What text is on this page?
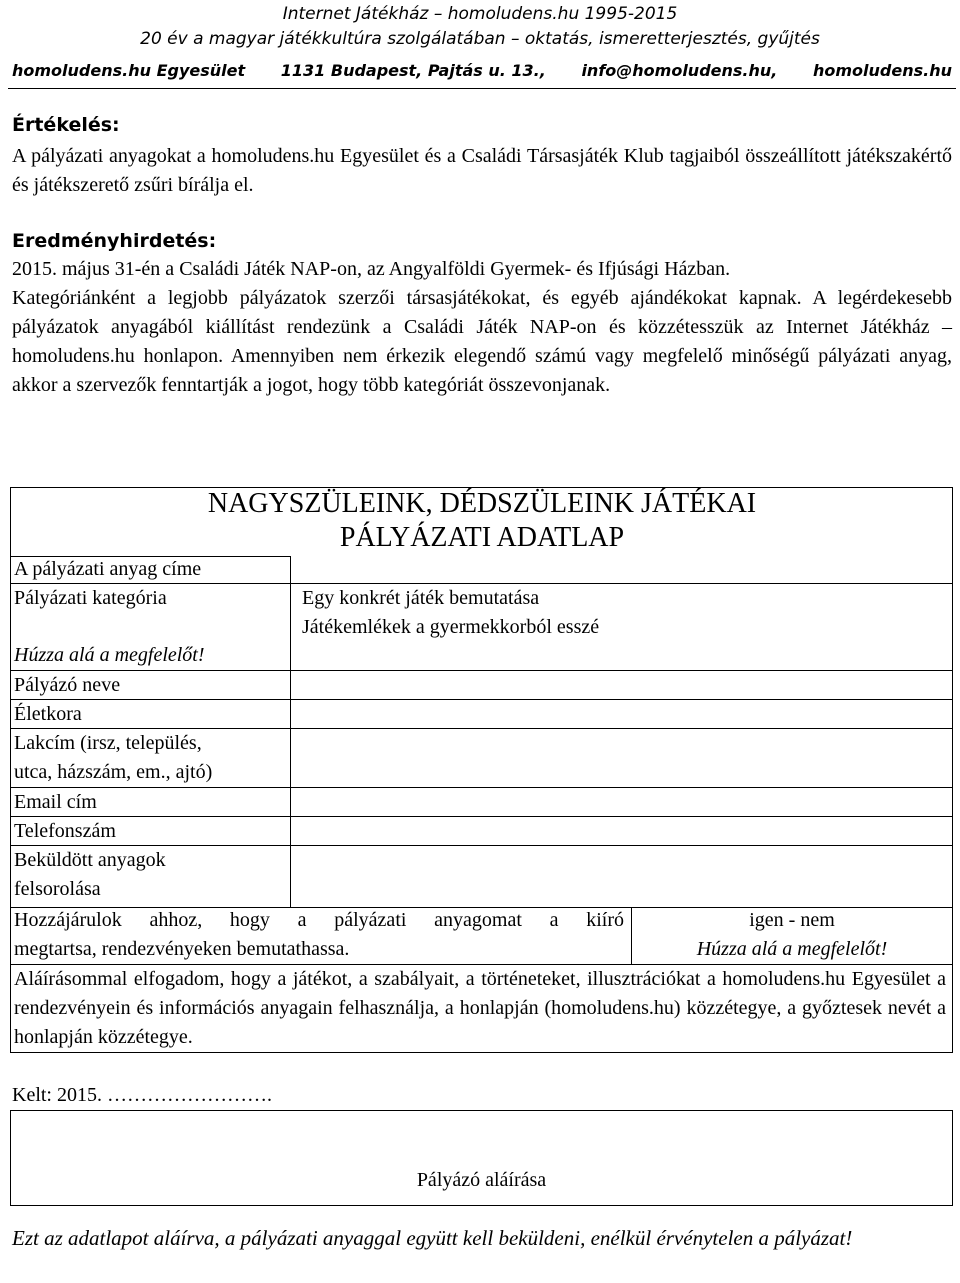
Internet Játékház – homoludens.hu 1995-2015
20 év a magyar játékkultúra szolgálatában – oktatás, ismeretterjesztés, gyűjtés
homoludens.hu Egyesület 1131 Budapest, Pajtás u. 13., info@homoludens.hu, homoludens.hu
Értékelés:
A pályázati anyagokat a homoludens.hu Egyesület és a Családi Társasjáték Klub tagjaiból összeállított játékszakértő és játékszerető zsűri bírálja el.
Eredményhirdetés:
2015. május 31-én a Családi Játék NAP-on, az Angyalföldi Gyermek- és Ifjúsági Házban.
Kategóriánként a legjobb pályázatok szerzői társasjátékokat, és egyéb ajándékokat kapnak. A legérdekesebb pályázatok anyagából kiállítást rendezünk a Családi Játék NAP-on és közzétesszük az Internet Játékház – homoludens.hu honlapon. Amennyiben nem érkezik elegendő számú vagy megfelelő minőségű pályázati anyag, akkor a szervezők fenntartják a jogot, hogy több kategóriát összevonjanak.
NAGYSZÜLEINK, DÉDSZÜLEINK JÁTÉKAI
PÁLYÁZATI ADATLAP
A pályázati anyag címe
Pályázati kategória
Húzza alá a megfelelőt!
Egy konkrét játék bemutatása
Játékemlékek a gyermekkorból esszé
Pályázó neve
Életkora
Lakcím (irsz, település,
utca, házszám, em., ajtó)
Email cím
Telefonszám
Beküldött anyagok
felsorolása
Hozzájárulok ahhoz, hogy a pályázati anyagomat a kiíró
megtartsa, rendezvényeken bemutathassa.
igen - nem
Húzza alá a megfelelőt!
Aláírásommal elfogadom, hogy a játékot, a szabályait, a történeteket, illusztrációkat a homoludens.hu Egyesület a rendezvényein és információs anyagain felhasználja, a honlapján (homoludens.hu) közzétegye, a győztesek nevét a honlapján közzétegye.
Kelt: 2015. …………………….
Pályázó aláírása
Ezt az adatlapot aláírva, a pályázati anyaggal együtt kell beküldeni, enélkül érvénytelen a pályázat!
